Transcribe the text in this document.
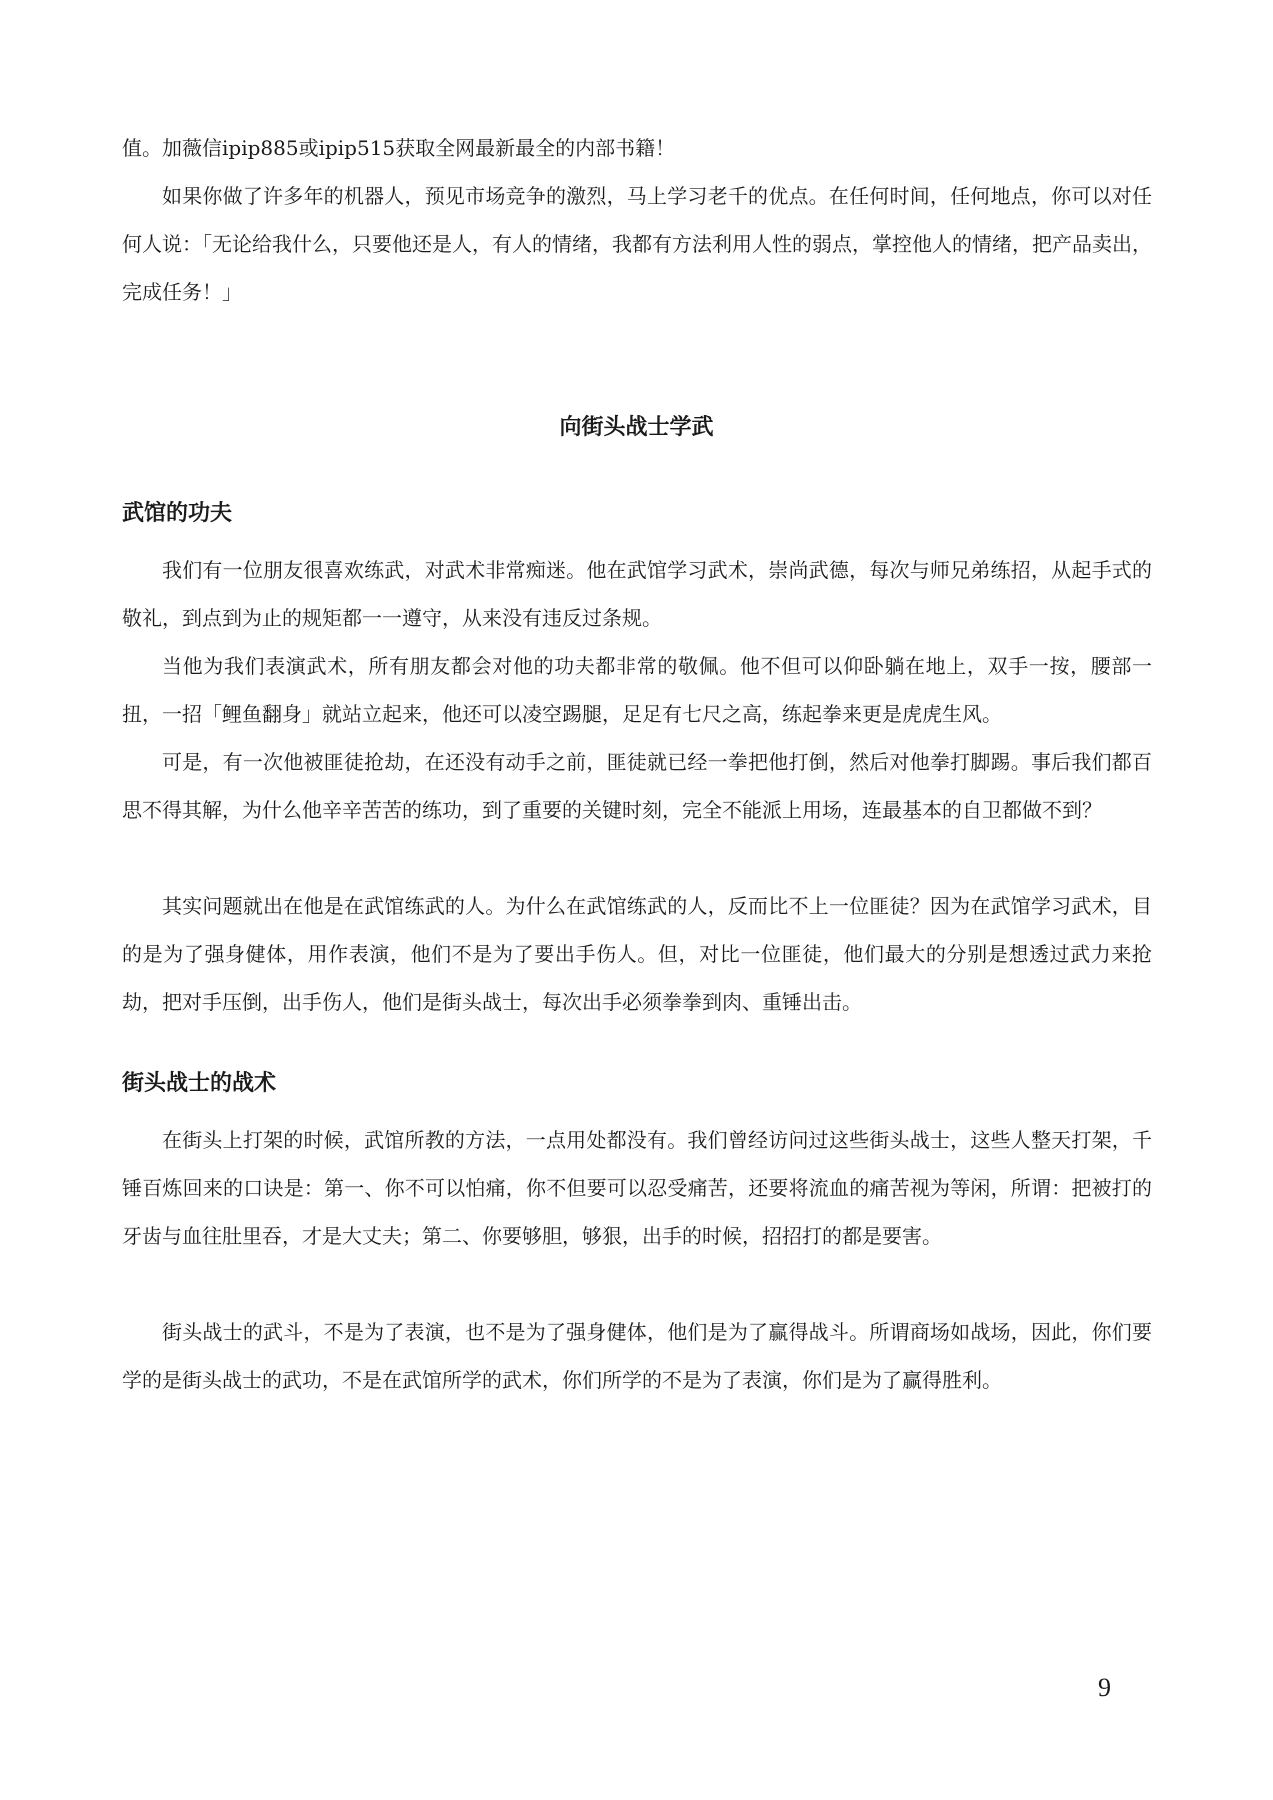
值。加薇信ipip885或ipip515获取全网最新最全的内部书籍！

如果你做了许多年的机器人，预见市场竞争的激烈，马上学习老千的优点。在任何时间，任何地点，你可以对任何人说：「无论给我什么，只要他还是人，有人的情绪，我都有方法利用人性的弱点，掌控他人的情绪，把产品卖出，完成任务！」

向街头战士学武
武馆的功夫

我们有一位朋友很喜欢练武，对武术非常痴迷。他在武馆学习武术，崇尚武德，每次与师兄弟练招，从起手式的敬礼，到点到为止的规矩都一一遵守，从来没有违反过条规。

当他为我们表演武术，所有朋友都会对他的功夫都非常的敬佩。他不但可以仰卧躺在地上，双手一按，腰部一扭，一招「鲤鱼翻身」就站立起来，他还可以凌空踢腿，足足有七尺之高，练起拳来更是虎虎生风。

可是，有一次他被匪徒抢劫，在还没有动手之前，匪徒就已经一拳把他打倒，然后对他拳打脚踢。事后我们都百思不得其解，为什么他辛辛苦苦的练功，到了重要的关键时刻，完全不能派上用场，连最基本的自卫都做不到？

其实问题就出在他是在武馆练武的人。为什么在武馆练武的人，反而比不上一位匪徒？因为在武馆学习武术，目的是为了强身健体，用作表演，他们不是为了要出手伤人。但，对比一位匪徒，他们最大的分别是想透过武力来抢劫，把对手压倒，出手伤人，他们是街头战士，每次出手必须拳拳到肉、重锤出击。

街头战士的战术

在街头上打架的时候，武馆所教的方法，一点用处都没有。我们曾经访问过这些街头战士，这些人整天打架，千锤百炼回来的口诀是：第一、你不可以怕痛，你不但要可以忍受痛苦，还要将流血的痛苦视为等闲，所谓：把被打的牙齿与血往肚里吞，才是大丈夫；第二、你要够胆，够狠，出手的时候，招招打的都是要害。

街头战士的武斗，不是为了表演，也不是为了强身健体，他们是为了赢得战斗。所谓商场如战场，因此，你们要学的是街头战士的武功，不是在武馆所学的武术，你们所学的不是为了表演，你们是为了赢得胜利。

9
